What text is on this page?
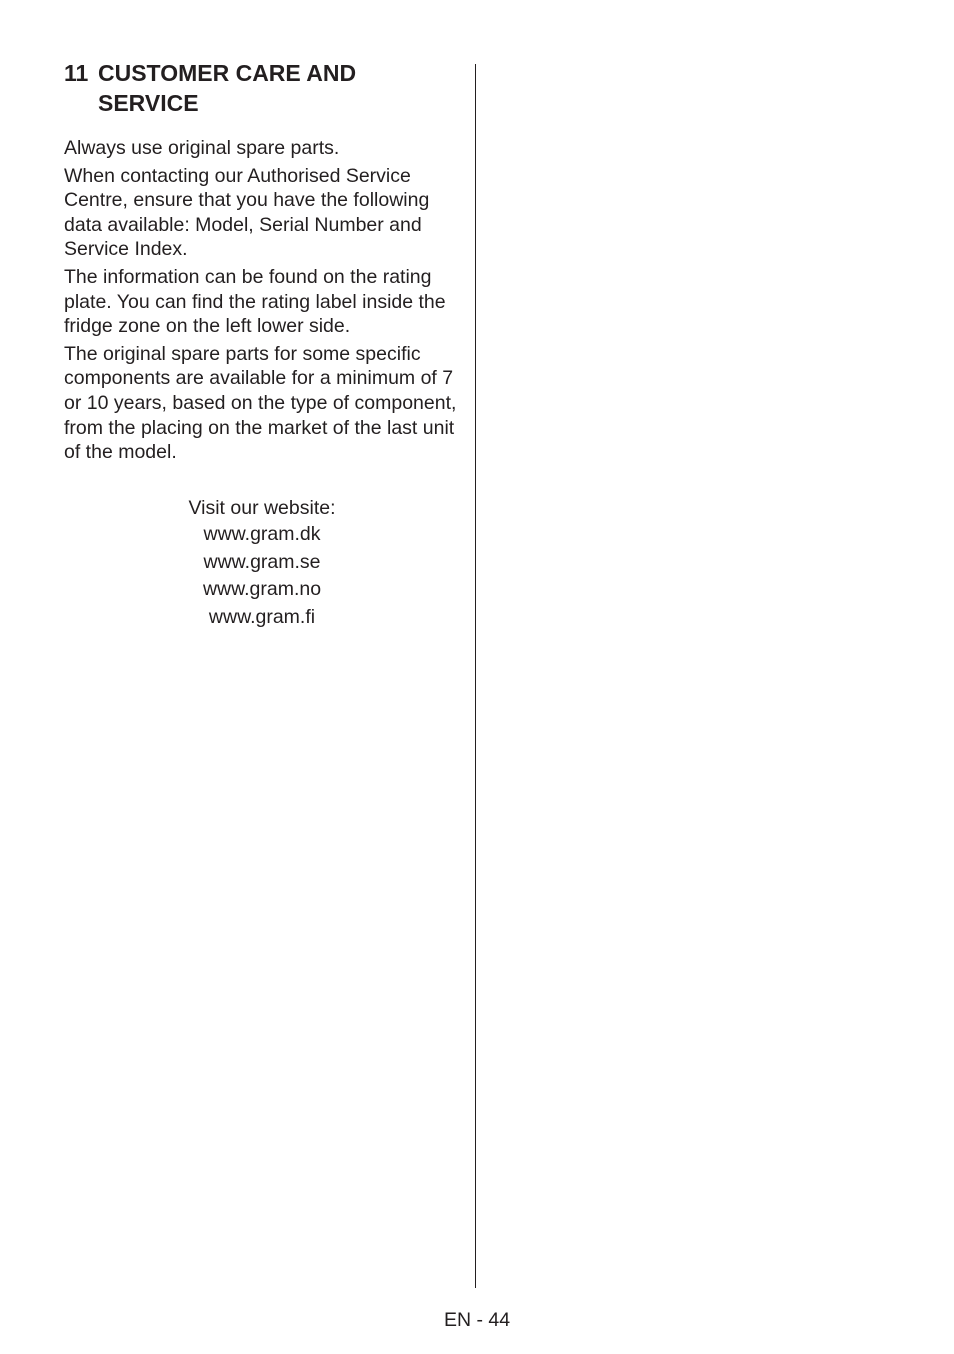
11 CUSTOMER CARE AND SERVICE

Always use original spare parts.

When contacting our Authorised Service Centre, ensure that you have the following data available: Model, Serial Number and Service Index.

The information can be found on the rating plate. You can find the rating label inside the fridge zone on the left lower side.

The original spare parts for some specific components are available for a minimum of 7 or 10 years, based on the type of component, from the placing on the market of the last unit of the model.

Visit our website:
www.gram.dk
www.gram.se
www.gram.no
www.gram.fi
EN - 44
